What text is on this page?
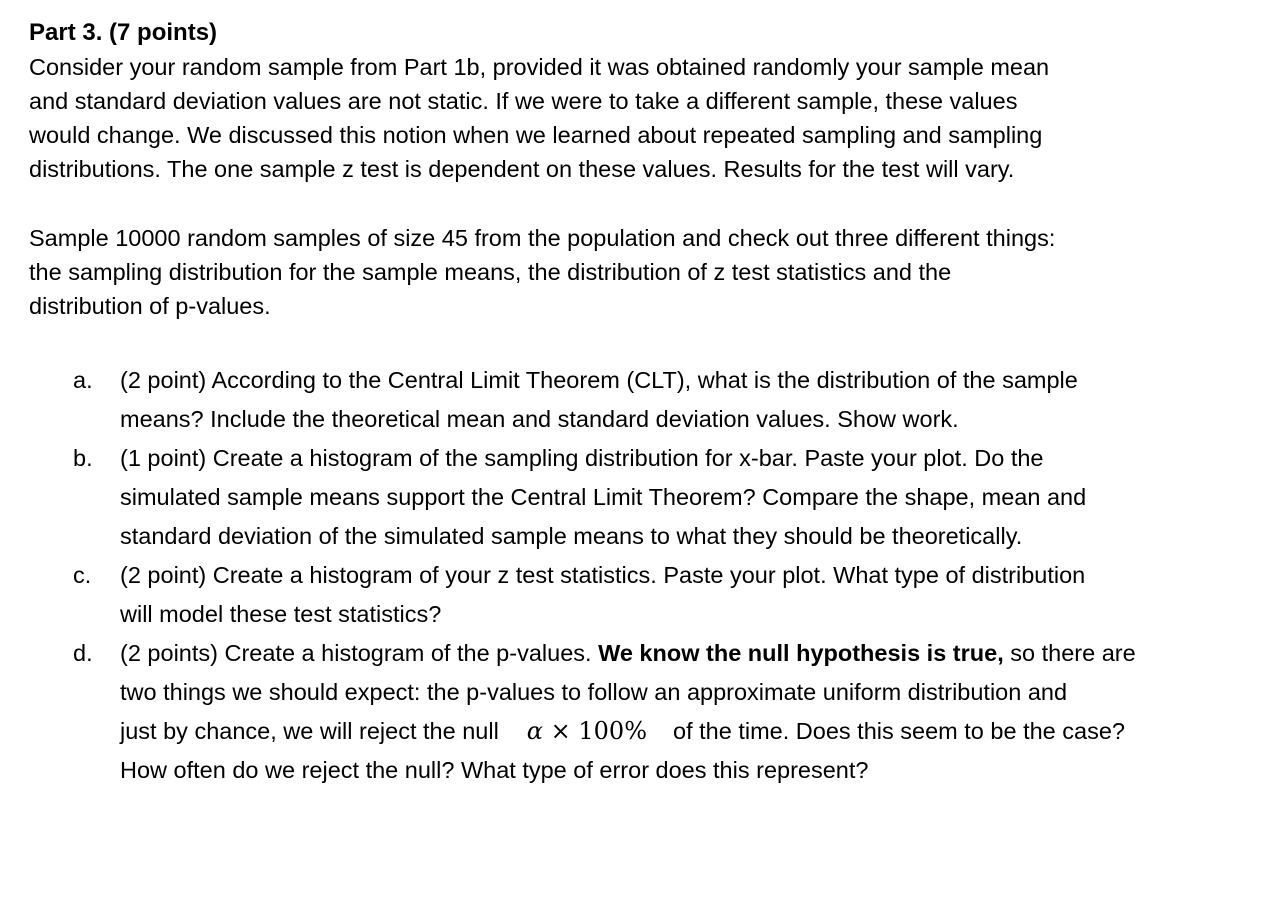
Part 3. (7 points)

Consider your random sample from Part 1b, provided it was obtained randomly your sample mean
and standard deviation values are not static. If we were to take a different sample, these values
would change. We discussed this notion when we learned about repeated sampling and sampling
distributions. The one sample z test is dependent on these values. Results for the test will vary.
Sample 10000 random samples of size 45 from the population and check out three different things:
the sampling distribution for the sample means, the distribution of z test statistics and the
distribution of p-values.
a. (2 point) According to the Central Limit Theorem (CLT), what is the distribution of the sample
means? Include the theoretical mean and standard deviation values. Show work.
b. (1 point) Create a histogram of the sampling distribution for x-bar. Paste your plot. Do the
simulated sample means support the Central Limit Theorem? Compare the shape, mean and
standard deviation of the simulated sample means to what they should be theoretically.
c. (2 point) Create a histogram of your z test statistics. Paste your plot. What type of distribution
will model these test statistics?
d. (2 points) Create a histogram of the p-values. We know the null hypothesis is true, so there are
two things we should expect: the p-values to follow an approximate uniform distribution and
just by chance, we will reject the null α × 100% of the time. Does this seem to be the case?
How often do we reject the null? What type of error does this represent?
